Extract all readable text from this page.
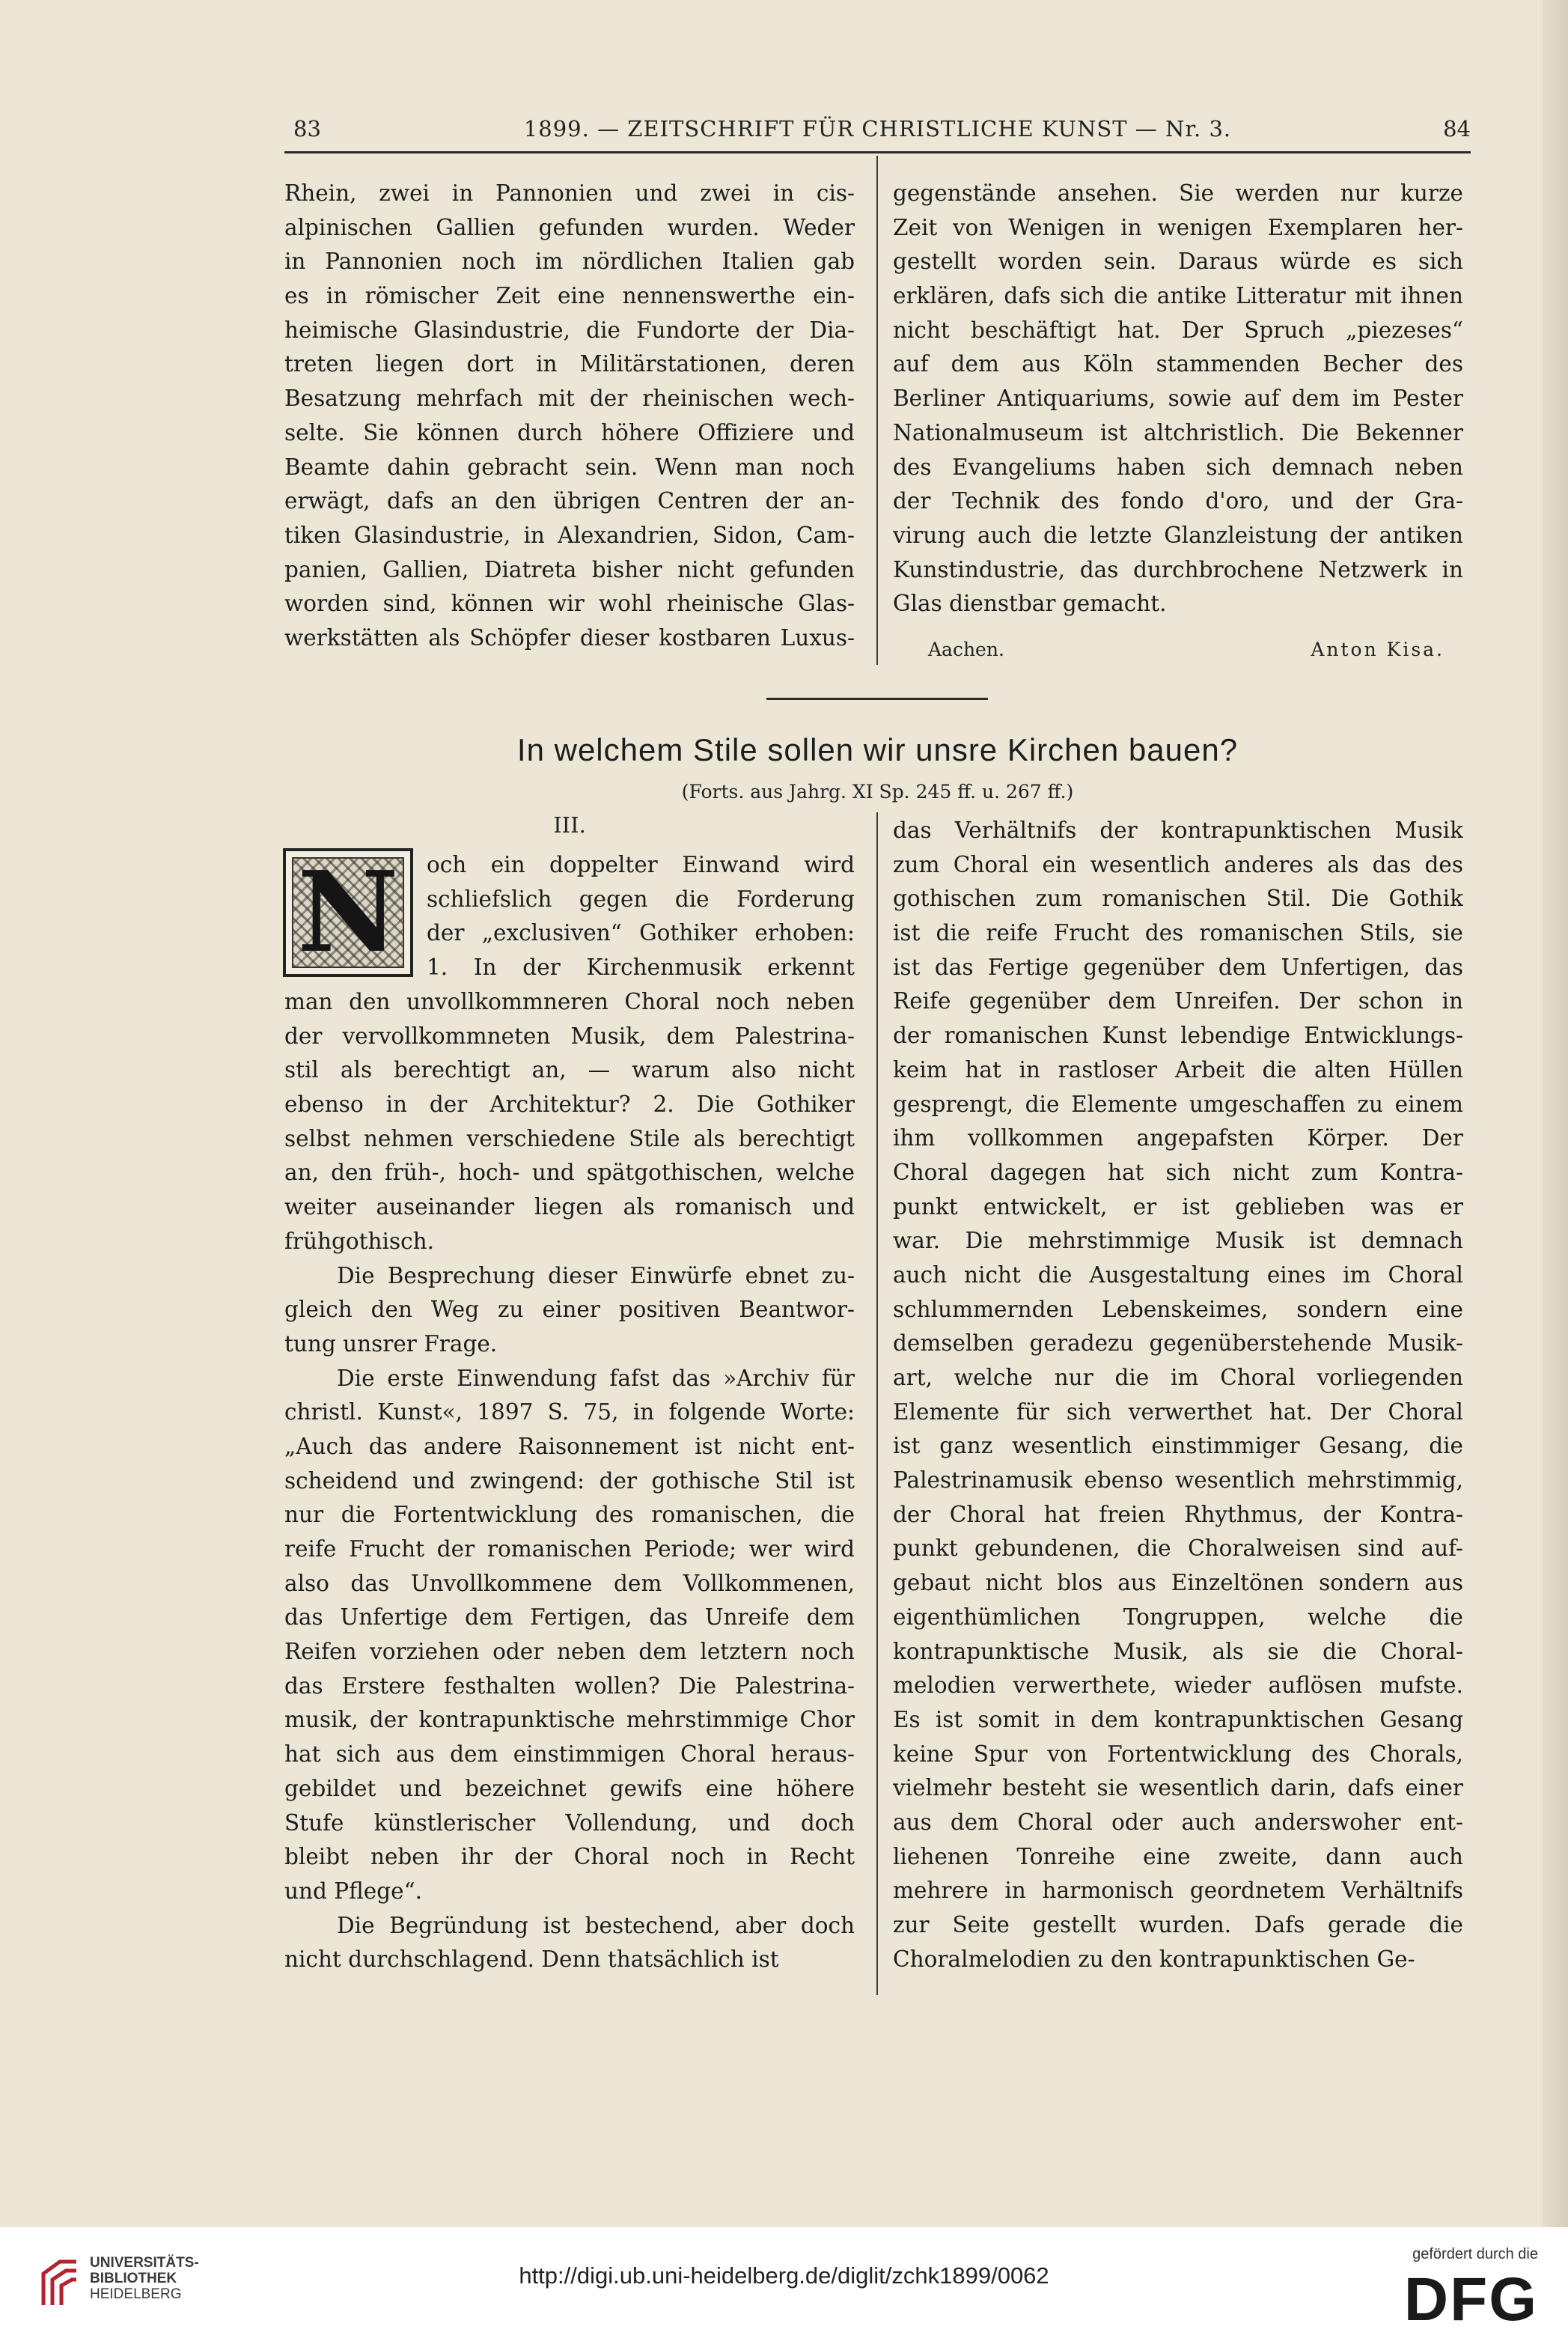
83	1899. — ZEITSCHRIFT FÜR CHRISTLICHE KUNST — Nr. 3.	84
Rhein, zwei in Pannonien und zwei in cis-
alpinischen Gallien gefunden wurden. Weder
in Pannonien noch im nördlichen Italien gab
es in römischer Zeit eine nennenswerthe ein-
heimische Glasindustrie, die Fundorte der Dia-
treten liegen dort in Militärstationen, deren
Besatzung mehrfach mit der rheinischen wech-
selte. Sie können durch höhere Offiziere und
Beamte dahin gebracht sein. Wenn man noch
erwägt, dafs an den übrigen Centren der an-
tiken Glasindustrie, in Alexandrien, Sidon, Cam-
panien, Gallien, Diatreta bisher nicht gefunden
worden sind, können wir wohl rheinische Glas-
werkstätten als Schöpfer dieser kostbaren Luxus-
gegenstände ansehen. Sie werden nur kurze
Zeit von Wenigen in wenigen Exemplaren her-
gestellt worden sein. Daraus würde es sich
erklären, dafs sich die antike Litteratur mit ihnen
nicht beschäftigt hat. Der Spruch „piezeses“
auf dem aus Köln stammenden Becher des
Berliner Antiquariums, sowie auf dem im Pester
Nationalmuseum ist altchristlich. Die Bekenner
des Evangeliums haben sich demnach neben
der Technik des fondo d'oro, und der Gra-
virung auch die letzte Glanzleistung der antiken
Kunstindustrie, das durchbrochene Netzwerk in
Glas dienstbar gemacht.
Aachen.	Anton Kisa.
In welchem Stile sollen wir unsre Kirchen bauen?
(Forts. aus Jahrg. XI Sp. 245 ff. u. 267 ff.)
III.
N	och ein doppelter Einwand wird
schliefslich gegen die Forderung
der „exclusiven“ Gothiker erhoben:
1. In der Kirchenmusik erkennt
man den unvollkommneren Choral noch neben
der vervollkommneten Musik, dem Palestrina-
stil als berechtigt an, — warum also nicht
ebenso in der Architektur? 2. Die Gothiker
selbst nehmen verschiedene Stile als berechtigt
an, den früh-, hoch- und spätgothischen, welche
weiter auseinander liegen als romanisch und
frühgothisch.
Die Besprechung dieser Einwürfe ebnet zu-
gleich den Weg zu einer positiven Beantwor-
tung unsrer Frage.
Die erste Einwendung fafst das »Archiv für
christl. Kunst«, 1897 S. 75, in folgende Worte:
„Auch das andere Raisonnement ist nicht ent-
scheidend und zwingend: der gothische Stil ist
nur die Fortentwicklung des romanischen, die
reife Frucht der romanischen Periode; wer wird
also das Unvollkommene dem Vollkommenen,
das Unfertige dem Fertigen, das Unreife dem
Reifen vorziehen oder neben dem letztern noch
das Erstere festhalten wollen? Die Palestrina-
musik, der kontrapunktische mehrstimmige Chor
hat sich aus dem einstimmigen Choral heraus-
gebildet und bezeichnet gewifs eine höhere
Stufe künstlerischer Vollendung, und doch
bleibt neben ihr der Choral noch in Recht
und Pflege“.
Die Begründung ist bestechend, aber doch
nicht durchschlagend. Denn thatsächlich ist
das Verhältnifs der kontrapunktischen Musik
zum Choral ein wesentlich anderes als das des
gothischen zum romanischen Stil. Die Gothik
ist die reife Frucht des romanischen Stils, sie
ist das Fertige gegenüber dem Unfertigen, das
Reife gegenüber dem Unreifen. Der schon in
der romanischen Kunst lebendige Entwicklungs-
keim hat in rastloser Arbeit die alten Hüllen
gesprengt, die Elemente umgeschaffen zu einem
ihm vollkommen angepafsten Körper. Der
Choral dagegen hat sich nicht zum Kontra-
punkt entwickelt, er ist geblieben was er
war. Die mehrstimmige Musik ist demnach
auch nicht die Ausgestaltung eines im Choral
schlummernden Lebenskeimes, sondern eine
demselben geradezu gegenüberstehende Musik-
art, welche nur die im Choral vorliegenden
Elemente für sich verwerthet hat. Der Choral
ist ganz wesentlich einstimmiger Gesang, die
Palestrinamusik ebenso wesentlich mehrstimmig,
der Choral hat freien Rhythmus, der Kontra-
punkt gebundenen, die Choralweisen sind auf-
gebaut nicht blos aus Einzeltönen sondern aus
eigenthümlichen Tongruppen, welche die
kontrapunktische Musik, als sie die Choral-
melodien verwerthete, wieder auflösen mufste.
Es ist somit in dem kontrapunktischen Gesang
keine Spur von Fortentwicklung des Chorals,
vielmehr besteht sie wesentlich darin, dafs einer
aus dem Choral oder auch anderswoher ent-
liehenen Tonreihe eine zweite, dann auch
mehrere in harmonisch geordnetem Verhältnifs
zur Seite gestellt wurden. Dafs gerade die
Choralmelodien zu den kontrapunktischen Ge-
UNIVERSITÄTS-
BIBLIOTHEK
HEIDELBERG
http://digi.ub.uni-heidelberg.de/diglit/zchk1899/0062
gefördert durch die
DFG
